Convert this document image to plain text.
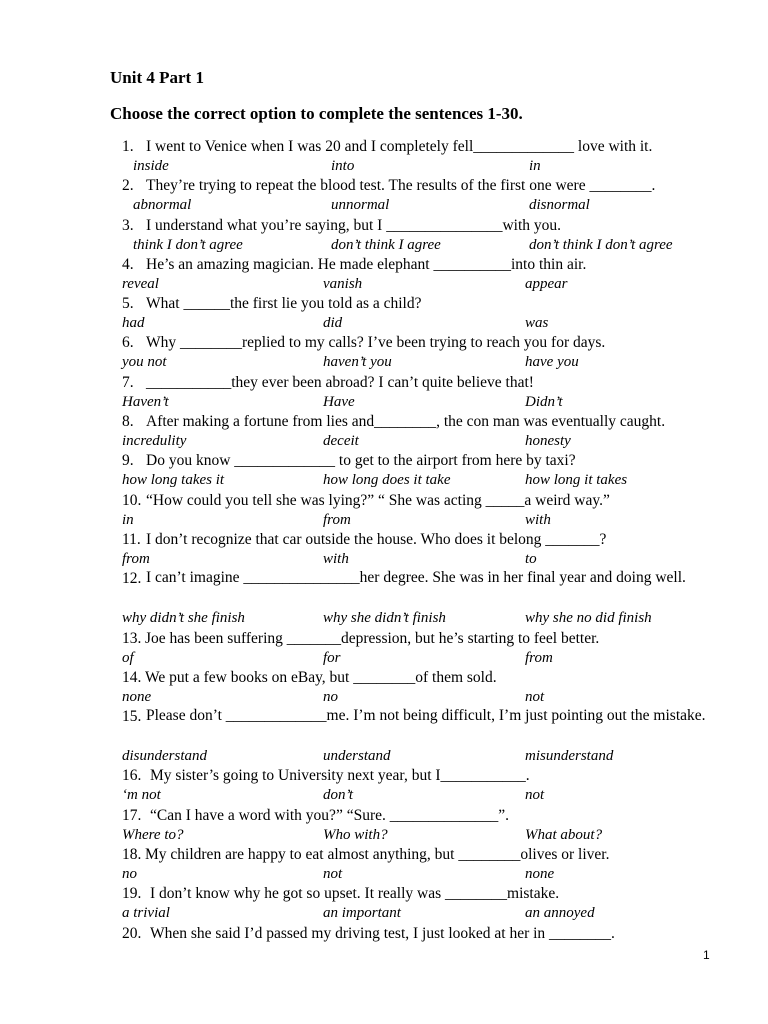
Unit 4 Part 1
Choose the correct option to complete the sentences 1-30.
1. I went to Venice when I was 20 and I completely fell_____________ love with it.
inside	into	in
2. They’re trying to repeat the blood test. The results of the first one were ________.
abnormal	unnormal	disnormal
3. I understand what you’re saying, but I _______________with you.
think I don’t agree	don’t think I agree	don’t think I don’t agree
4. He’s an amazing magician. He made elephant __________into thin air.
reveal	vanish	appear
5. What ______the first lie you told as a child?
had	did	was
6. Why ________replied to my calls? I’ve been trying to reach you for days.
you not	haven’t you	have you
7. ___________they ever been abroad? I can’t quite believe that!
Haven’t	Have	Didn’t
8. After making a fortune from lies and________, the con man was eventually caught.
incredulity	deceit	honesty
9. Do you know _____________ to get to the airport from here by taxi?
how long takes it	how long does it take	how long it takes
10. “How could you tell she was lying?” “ She was acting _____a weird way.”
in	from	with
11. I don’t recognize that car outside the house. Who does it belong _______?
from	with	to
12. I can’t imagine _______________her degree. She was in her final year and doing well.
why didn’t she finish	why she didn’t finish	why she no did finish
13. Joe has been suffering _______depression, but he’s starting to feel better.
of	for	from
14. We put a few books on eBay, but ________of them sold.
none	no	not
15. Please don’t _____________me. I’m not being difficult, I’m just pointing out the mistake.
disunderstand	understand	misunderstand
16. My sister’s going to University next year, but I___________.
‘m not	don’t	not
17. “Can I have a word with you?” “Sure. ______________”.
Where to?	Who with?	What about?
18. My children are happy to eat almost anything, but ________olives or liver.
no	not	none
19. I don’t know why he got so upset. It really was ________mistake.
a trivial	an important	an annoyed
20. When she said I’d passed my driving test, I just looked at her in ________.
1
